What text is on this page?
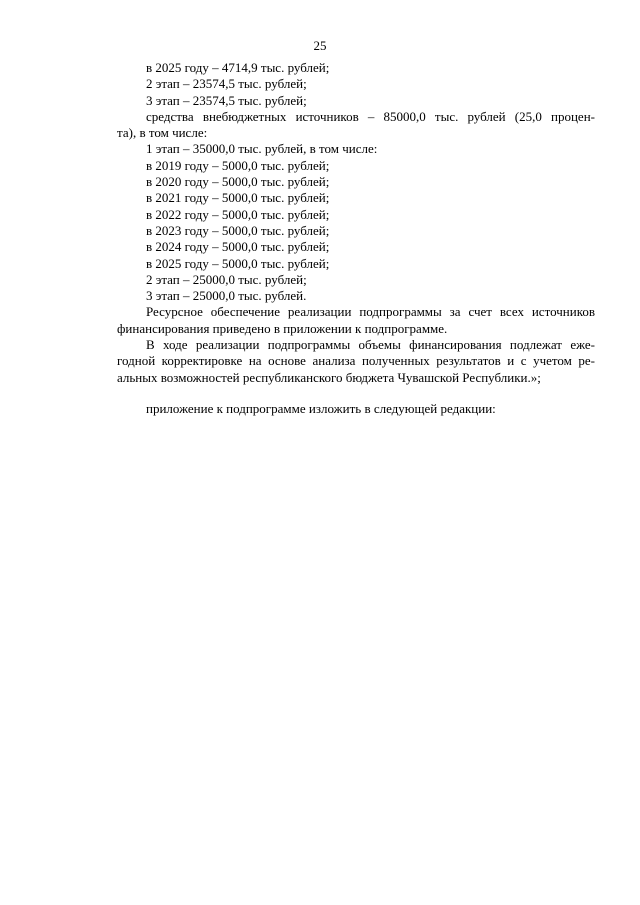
25
в 2025 году – 4714,9 тыс. рублей;
2 этап – 23574,5 тыс. рублей;
3 этап – 23574,5 тыс. рублей;
средства внебюджетных источников – 85000,0 тыс. рублей (25,0 процен-
та), в том числе:
1 этап – 35000,0 тыс. рублей, в том числе:
в 2019 году – 5000,0 тыс. рублей;
в 2020 году – 5000,0 тыс. рублей;
в 2021 году – 5000,0 тыс. рублей;
в 2022 году – 5000,0 тыс. рублей;
в 2023 году – 5000,0 тыс. рублей;
в 2024 году – 5000,0 тыс. рублей;
в 2025 году – 5000,0 тыс. рублей;
2 этап – 25000,0 тыс. рублей;
3 этап – 25000,0 тыс. рублей.
Ресурсное обеспечение реализации подпрограммы за счет всех источников
финансирования приведено в приложении к подпрограмме.
В ходе реализации подпрограммы объемы финансирования подлежат еже-
годной корректировке на основе анализа полученных результатов и с учетом ре-
альных возможностей республиканского бюджета Чувашской Республики.»;
приложение к подпрограмме изложить в следующей редакции:
